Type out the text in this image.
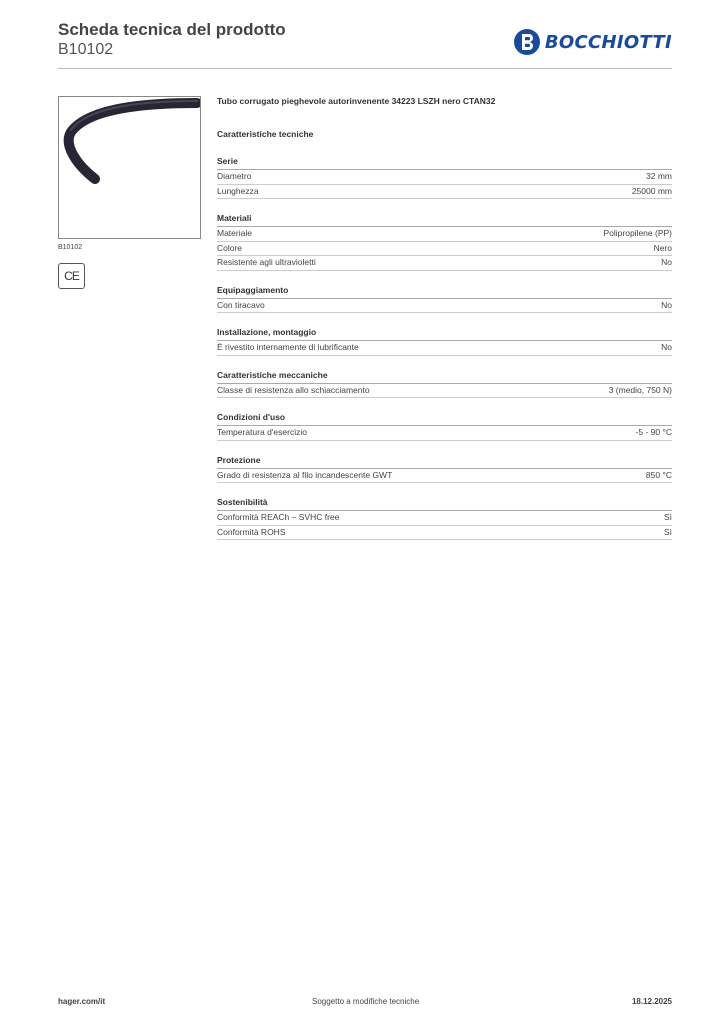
Scheda tecnica del prodotto
B10102	BOCCHIOTTI
B10102
CE
Tubo corrugato pieghevole autorinvenente 34223 LSZH nero CTAN32
Caratteristiche tecniche
Serie
Diametro	32 mm
Lunghezza	25000 mm
Materiali
Materiale	Polipropilene (PP)
Colore	Nero
Resistente agli ultravioletti	No
Equipaggiamento
Con tiracavo	No
Installazione, montaggio
È rivestito internamente di lubrificante	No
Caratteristiche meccaniche
Classe di resistenza allo schiacciamento	3 (medio, 750 N)
Condizioni d'uso
Temperatura d'esercizio	-5 - 90 °C
Protezione
Grado di resistenza al filo incandescente GWT	850 °C
Sostenibilità
Conformità REACh – SVHC free	Sì
Conformità ROHS	Sì
hager.com/it	Soggetto a modifiche tecniche	18.12.2025
